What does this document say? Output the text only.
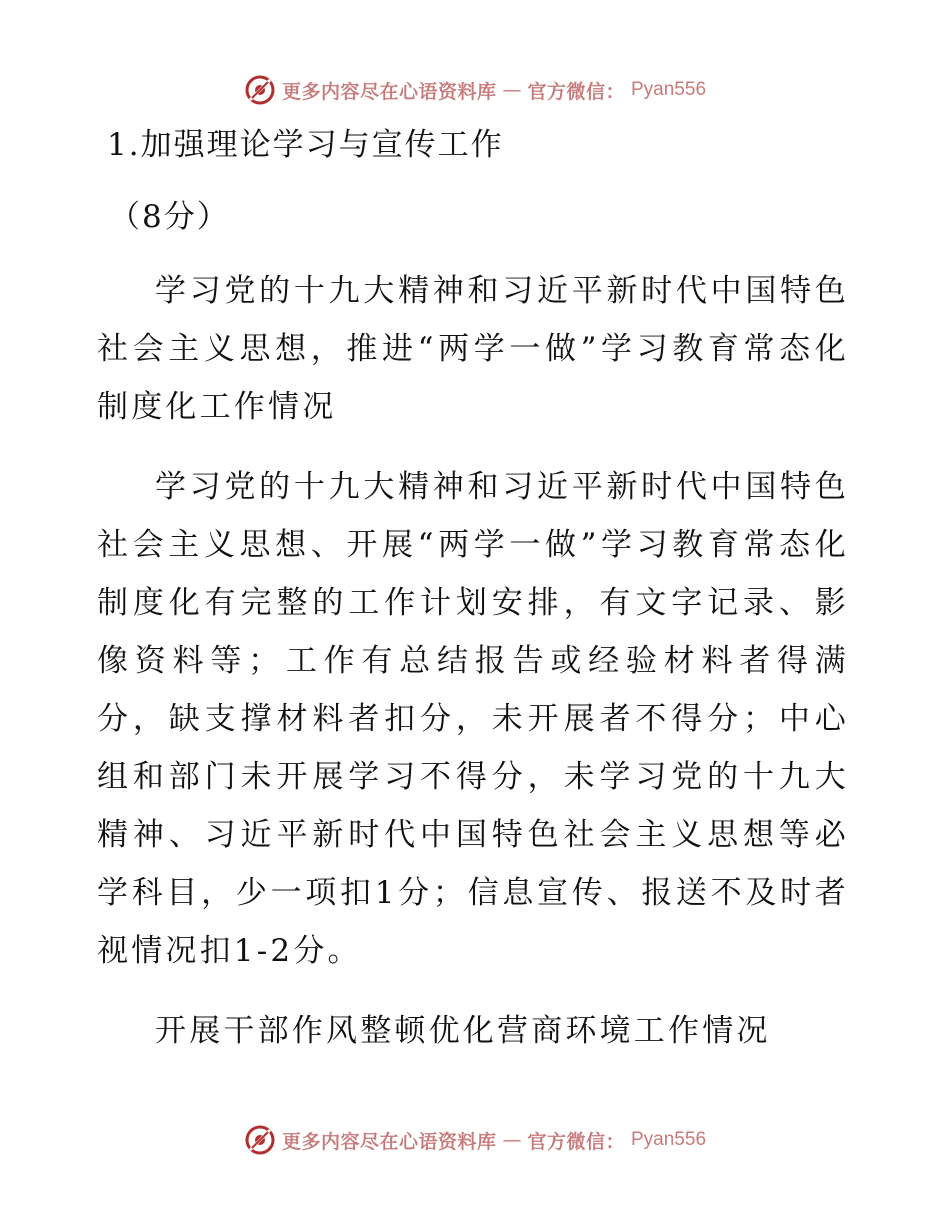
更多内容尽在心语资料库 — 官方微信： Pyan556
1.加强理论学习与宣传工作
（8分）

学习党的十九大精神和习近平新时代中国特色社会主义思想，推进“两学一做”学习教育常态化制度化工作情况

学习党的十九大精神和习近平新时代中国特色社会主义思想、开展“两学一做”学习教育常态化制度化有完整的工作计划安排，有文字记录、影像资料等；工作有总结报告或经验材料者得满分，缺支撑材料者扣分，未开展者不得分；中心组和部门未开展学习不得分，未学习党的十九大精神、习近平新时代中国特色社会主义思想等必学科目，少一项扣1分；信息宣传、报送不及时者视情况扣1-2分。

开展干部作风整顿优化营商环境工作情况

更多内容尽在心语资料库 — 官方微信： Pyan556
